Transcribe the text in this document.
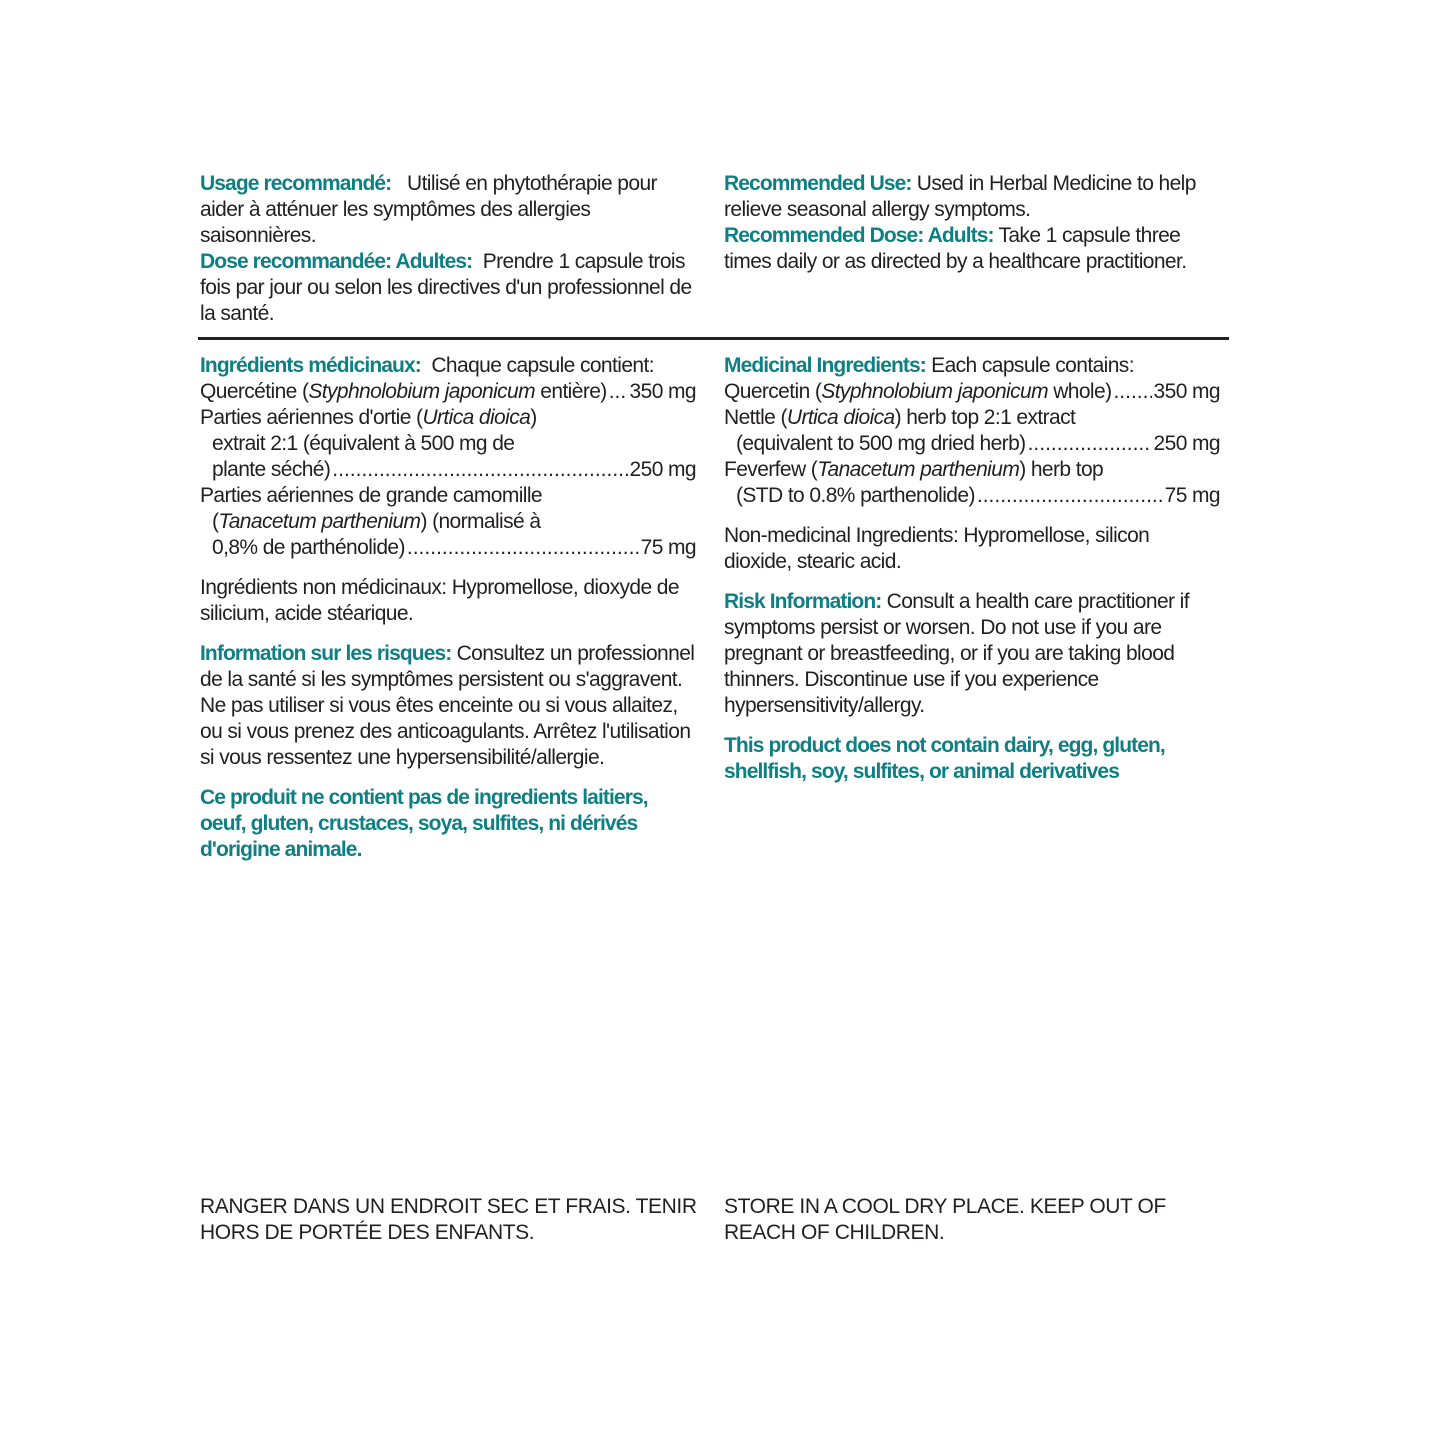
Usage recommandé: Utilisé en phytothérapie pour aider à atténuer les symptômes des allergies saisonnières.

Dose recommandée: Adultes: Prendre 1 capsule trois fois par jour ou selon les directives d'un professionnel de la santé.

Recommended Use: Used in Herbal Medicine to help relieve seasonal allergy symptoms.

Recommended Dose: Adults: Take 1 capsule three times daily or as directed by a healthcare practitioner.

Ingrédients médicinaux: Chaque capsule contient:

Quercétine (Styphnolobium japonicum entière) ..... 350 mg

Parties aériennes d'ortie (Urtica dioica)

extrait 2:1 (équivalent à 500 mg de

plante séché) .....	250 mg

Parties aériennes de grande camomille

(Tanacetum parthenium) (normalisé à

0,8% de parthénolide) .....	75 mg

Ingrédients non médicinaux: Hypromellose, dioxyde de silicium, acide stéarique.

Information sur les risques: Consultez un professionnel de la santé si les symptômes persistent ou s'aggravent. Ne pas utiliser si vous êtes enceinte ou si vous allaitez, ou si vous prenez des anticoagulants. Arrêtez l'utilisation si vous ressentez une hypersensibilité/allergie.

Ce produit ne contient pas de ingredients laitiers, oeuf, gluten, crustaces, soya, sulfites, ni dérivés d'origine animale.

Medicinal Ingredients: Each capsule contains:

Quercetin (Styphnolobium japonicum whole) ..... 350 mg

Nettle (Urtica dioica) herb top 2:1 extract

(equivalent to 500 mg dried herb) .....	250 mg

Feverfew (Tanacetum parthenium) herb top

(STD to 0.8% parthenolide) .....	75 mg

Non-medicinal Ingredients: Hypromellose, silicon dioxide, stearic acid.

Risk Information: Consult a health care practitioner if symptoms persist or worsen. Do not use if you are pregnant or breastfeeding, or if you are taking blood thinners. Discontinue use if you experience hypersensitivity/allergy.

This product does not contain dairy, egg, gluten, shellfish, soy, sulfites, or animal derivatives

RANGER DANS UN ENDROIT SEC ET FRAIS. TENIR HORS DE PORTÉE DES ENFANTS.
STORE IN A COOL DRY PLACE. KEEP OUT OF REACH OF CHILDREN.
